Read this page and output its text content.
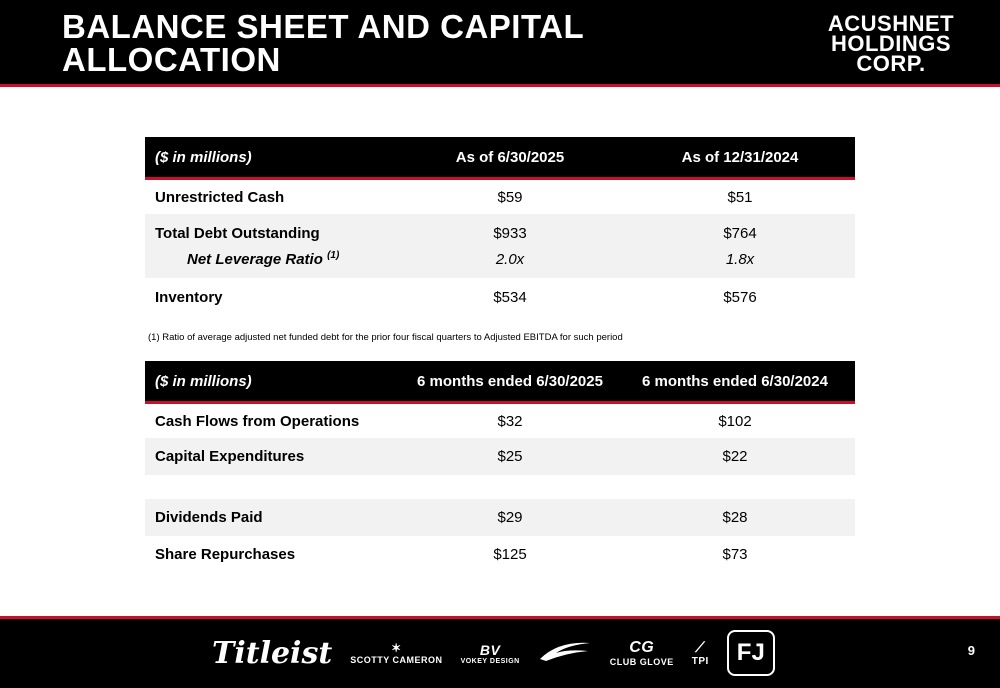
BALANCE SHEET AND CAPITAL ALLOCATION
ACUSHNET
HOLDINGS
CORP.
($ in millions)	As of 6/30/2025	As of 12/31/2024
Unrestricted Cash	$59	$51
Total Debt Outstanding	$933	$764
Net Leverage Ratio $^{(1)}$	2.0x	1.8x
Inventory	$534	$576
(1) Ratio of average adjusted net funded debt for the prior four fiscal quarters to Adjusted EBITDA for such period
($ in millions)	6 months ended 6/30/2025	6 months ended 6/30/2024
Cash Flows from Operations	$32	$102
Capital Expenditures	$25	$22
Dividends Paid	$29	$28
Share Repurchases	$125	$73
Titleist	✶
SCOTTY CAMERON
BV
VOKEY DESIGN
CG
CLUB GLOVE
⟋
TPI	FJ	9
